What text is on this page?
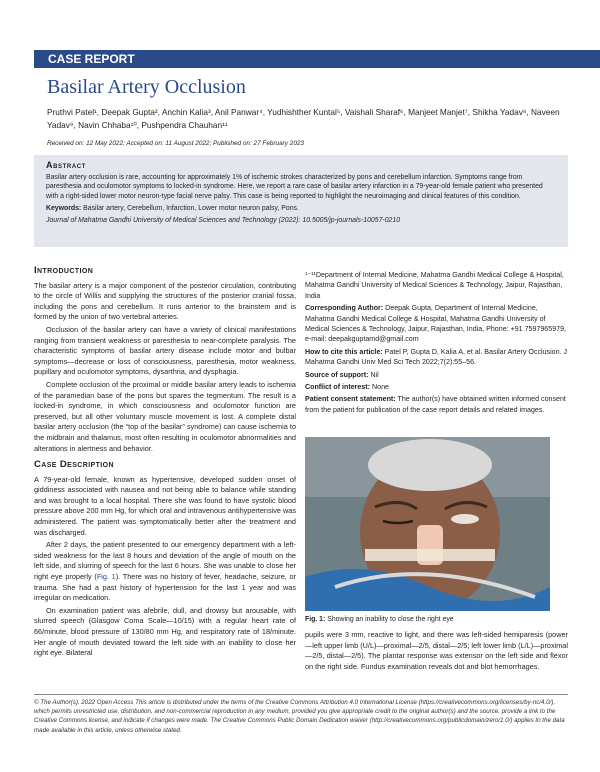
CASE REPORT
Basilar Artery Occlusion
Pruthvi Patel¹, Deepak Gupta², Anchin Kalia³, Anil Panwar⁴, Yudhishther Kuntal⁵, Vaishali Sharaf⁶, Manjeet Manjet⁷, Shikha Yadav⁸, Naveen Yadav⁹, Navin Chhaba¹⁰, Pushpendra Chauhan¹¹
Received on: 12 May 2022; Accepted on: 11 August 2022; Published on: 27 February 2023
Abstract

Basilar artery occlusion is rare, accounting for approximately 1% of ischemic strokes characterized by pons and cerebellum infarction. Symptoms range from paresthesia and oculomotor symptoms to locked-in syndrome. Here, we report a rare case of basilar artery infarction in a 79-year-old female patient who presented with a right-sided lower motor neuron-type facial nerve palsy. This case is being reported to highlight the neuroimaging and clinical features of this condition.

Keywords: Basilar artery, Cerebellum, Infarction, Lower motor neuron palsy, Pons.

Journal of Mahatma Gandhi University of Medical Sciences and Technology (2022): 10.5005/jp-journals-10057-0210

Introduction

The basilar artery is a major component of the posterior circulation, contributing to the circle of Willis and supplying the structures of the posterior cranial fossa, including the pons and cerebellum. It runs anterior to the brainstem and is formed by the union of two vertebral arteries.

Occlusion of the basilar artery can have a variety of clinical manifestations ranging from transient weakness or paresthesia to near-complete paralysis. The characteristic symptoms of basilar artery disease include motor and bulbar symptoms—decrease or loss of consciousness, paresthesia, motor weakness, pupillary and oculomotor symptoms, dysarthria, and dysphagia.

Complete occlusion of the proximal or middle basilar artery leads to ischemia of the paramedian base of the pons but spares the tegmentum. The result is a locked-in syndrome, in which consciousness and oculomotor function are preserved, but all other voluntary muscle movement is lost. A complete distal basilar artery occlusion (the “top of the basilar” syndrome) can cause ischemia to the midbrain and thalamus, most often resulting in oculomotor abnormalities and alterations in alertness and behavior.

Case Description

A 79-year-old female, known as hypertensive, developed sudden onset of giddiness associated with nausea and not being able to balance while standing and was brought to a local hospital. There she was found to have systolic blood pressure above 200 mm Hg, for which oral and intravenous antihypertensive was administered. The patient was symptomatically better after the treatment and was discharged.

After 2 days, the patient presented to our emergency department with a left-sided weakness for the last 8 hours and deviation of the angle of mouth on the left side, and slurring of speech for the last 6 hours. She was unable to close her right eye properly (Fig. 1). There was no history of fever, headache, seizure, or trauma. She had a past history of hypertension for the last 1 year and was irregular on medication.

On examination patient was afebrile, dull, and drowsy but arousable, with slurred speech (Glasgow Coma Scale—10/15) with a regular heart rate of 66/minute, blood pressure of 130/80 mm Hg, and respiratory rate of 18/minute. Her angle of mouth deviated toward the left side with an inability to close her right eye. Bilateral

¹⁻¹¹Department of Internal Medicine, Mahatma Gandhi Medical College & Hospital, Mahatma Gandhi University of Medical Sciences & Technology, Jaipur, Rajasthan, India

Corresponding Author: Deepak Gupta, Department of Internal Medicine, Mahatma Gandhi Medical College & Hospital, Mahatma Gandhi University of Medical Sciences & Technology, Jaipur, Rajasthan, India, Phone: +91 7597965979, e-mail: deepakguptamd@gmail.com

How to cite this article: Patel P, Gupta D, Kalia A, et al. Basilar Artery Occlusion. J Mahatma Gandhi Univ Med Sci Tech 2022;7(2):55–56.

Source of support: Nil

Conflict of interest: None

Patient consent statement: The author(s) have obtained written informed consent from the patient for publication of the case report details and related images.

Fig. 1: Showing an inability to close the right eye

pupils were 3 mm, reactive to light, and there was left-sided hemiparesis (power—left upper limb (U/L)—proximal—2/5, distal—2/5; left lower limb (L/L)—proximal—2/5, distal—2/5). The plantar response was extensor on the left side and flexor on the right side. Fundus examination reveals dot and blot hemorrhages.

© The Author(s). 2022 Open Access This article is distributed under the terms of the Creative Commons Attribution 4.0 International License (https://creativecommons.org/licenses/by-nc/4.0/), which permits unrestricted use, distribution, and non-commercial reproduction in any medium, provided you give appropriate credit to the original author(s) and the source, provide a link to the Creative Commons license, and indicate if changes were made. The Creative Commons Public Domain Dedication waiver (http://creativecommons.org/publicdomain/zero/1.0/) applies to the data made available in this article, unless otherwise stated.
